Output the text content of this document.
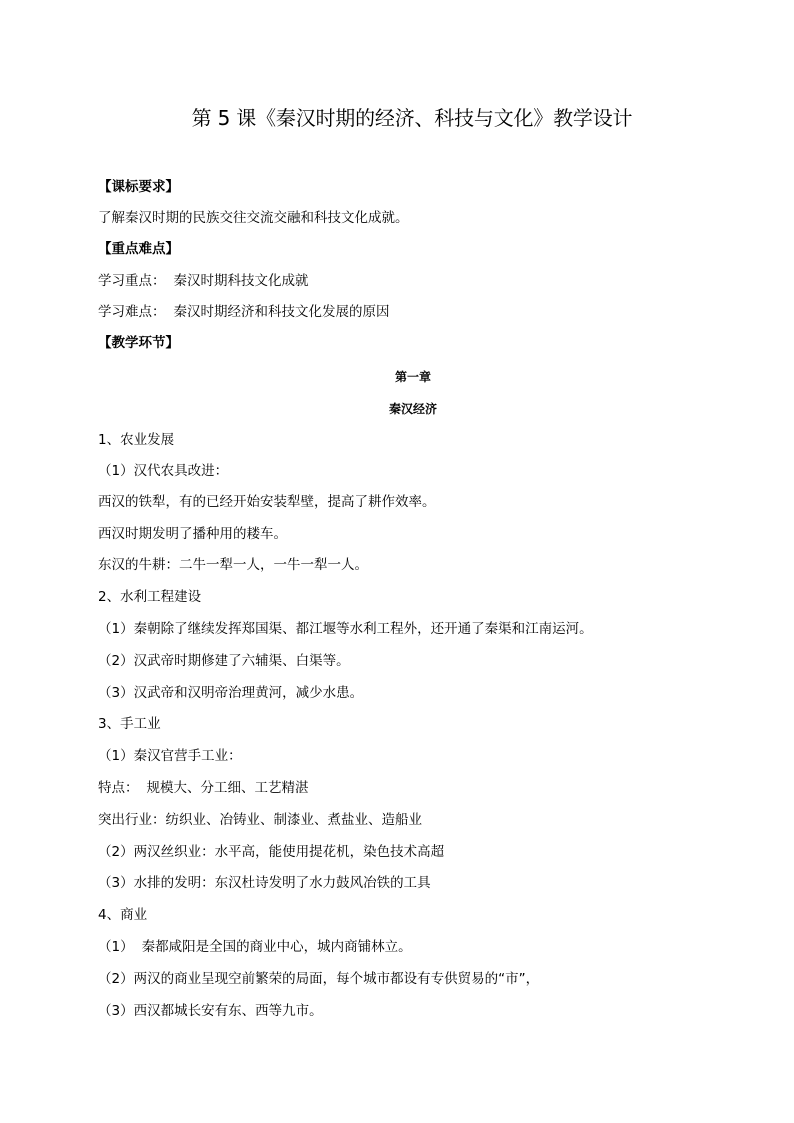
第 5 课《秦汉时期的经济、科技与文化》教学设计
【课标要求】
了解秦汉时期的民族交往交流交融和科技文化成就。
【重点难点】
学习重点： 秦汉时期科技文化成就
学习难点： 秦汉时期经济和科技文化发展的原因
【教学环节】
第一章
秦汉经济
1、农业发展
（1）汉代农具改进：
西汉的铁犁，有的已经开始安装犁壁，提高了耕作效率。
西汉时期发明了播种用的耧车。
东汉的牛耕：二牛一犁一人，一牛一犁一人。
2、水利工程建设
（1）秦朝除了继续发挥郑国渠、都江堰等水利工程外，还开通了秦渠和江南运河。
（2）汉武帝时期修建了六辅渠、白渠等。
（3）汉武帝和汉明帝治理黄河，减少水患。
3、手工业
（1）秦汉官营手工业：
特点： 规模大、分工细、工艺精湛
突出行业：纺织业、冶铸业、制漆业、煮盐业、造船业
（2）两汉丝织业：水平高，能使用提花机，染色技术高超
（3）水排的发明：东汉杜诗发明了水力鼓风冶铁的工具
4、商业
（1） 秦都咸阳是全国的商业中心，城内商铺林立。
（2）两汉的商业呈现空前繁荣的局面，每个城市都设有专供贸易的“市”，
（3）西汉都城长安有东、西等九市。
